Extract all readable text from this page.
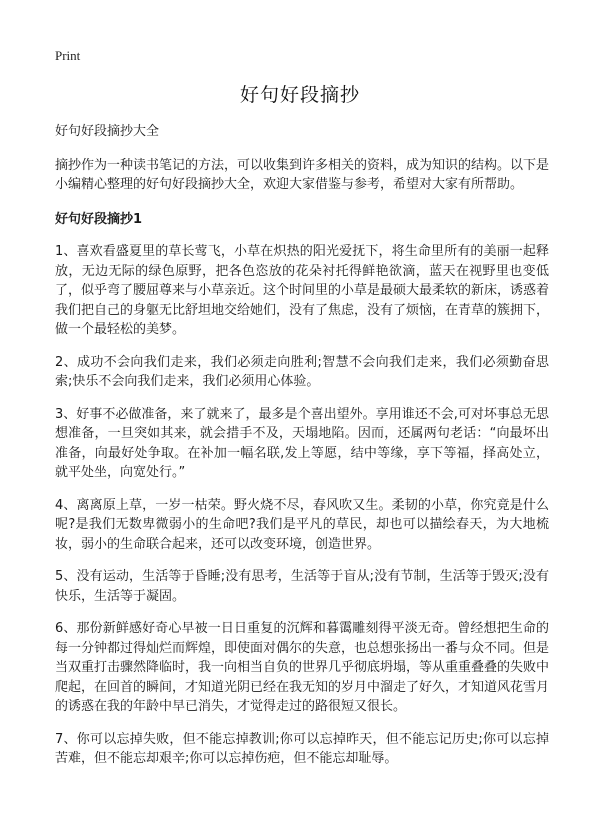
Print
好句好段摘抄

好句好段摘抄大全

摘抄作为一种读书笔记的方法，可以收集到许多相关的资料，成为知识的结构。以下是小编精心整理的好句好段摘抄大全，欢迎大家借鉴与参考，希望对大家有所帮助。

好句好段摘抄1

1、喜欢看盛夏里的草长莺飞，小草在炽热的阳光爱抚下，将生命里所有的美丽一起释放，无边无际的绿色原野，把各色恣放的花朵衬托得鲜艳欲滴，蓝天在视野里也变低了，似乎弯了腰屈尊来与小草亲近。这个时间里的小草是最硕大最柔软的新床，诱惑着我们把自己的身躯无比舒坦地交给她们，没有了焦虑，没有了烦恼，在青草的簇拥下，做一个最轻松的美梦。

2、成功不会向我们走来，我们必须走向胜利;智慧不会向我们走来，我们必须勤奋思索;快乐不会向我们走来，我们必须用心体验。

3、好事不必做准备，来了就来了，最多是个喜出望外。享用谁还不会,可对坏事总无思想准备，一旦突如其来，就会措手不及，天塌地陷。因而，还属两句老话：“向最坏出准备，向最好处争取。在补加一幅名联,发上等愿，结中等缘，享下等福，择高处立，就平处坐，向宽处行。”

4、离离原上草，一岁一枯荣。野火烧不尽，春风吹又生。柔韧的小草，你究竟是什么呢?是我们无数卑微弱小的生命吧?我们是平凡的草民，却也可以描绘春天，为大地梳妆，弱小的生命联合起来，还可以改变环境，创造世界。

5、没有运动，生活等于昏睡;没有思考，生活等于盲从;没有节制，生活等于毁灭;没有快乐，生活等于凝固。

6、那份新鲜感好奇心早被一日日重复的沉辉和暮霭雕刻得平淡无奇。曾经想把生命的每一分钟都过得灿烂而辉煌，即使面对偶尔的失意，也总想张扬出一番与众不同。但是当双重打击骤然降临时，我一向相当自负的世界几乎彻底坍塌，等从重重叠叠的失败中爬起，在回首的瞬间，才知道光阴已经在我无知的岁月中溜走了好久，才知道风花雪月的诱惑在我的年龄中早已消失，才觉得走过的路很短又很长。

7、你可以忘掉失败，但不能忘掉教训;你可以忘掉昨天，但不能忘记历史;你可以忘掉苦难，但不能忘却艰辛;你可以忘掉伤疤，但不能忘却耻辱。
